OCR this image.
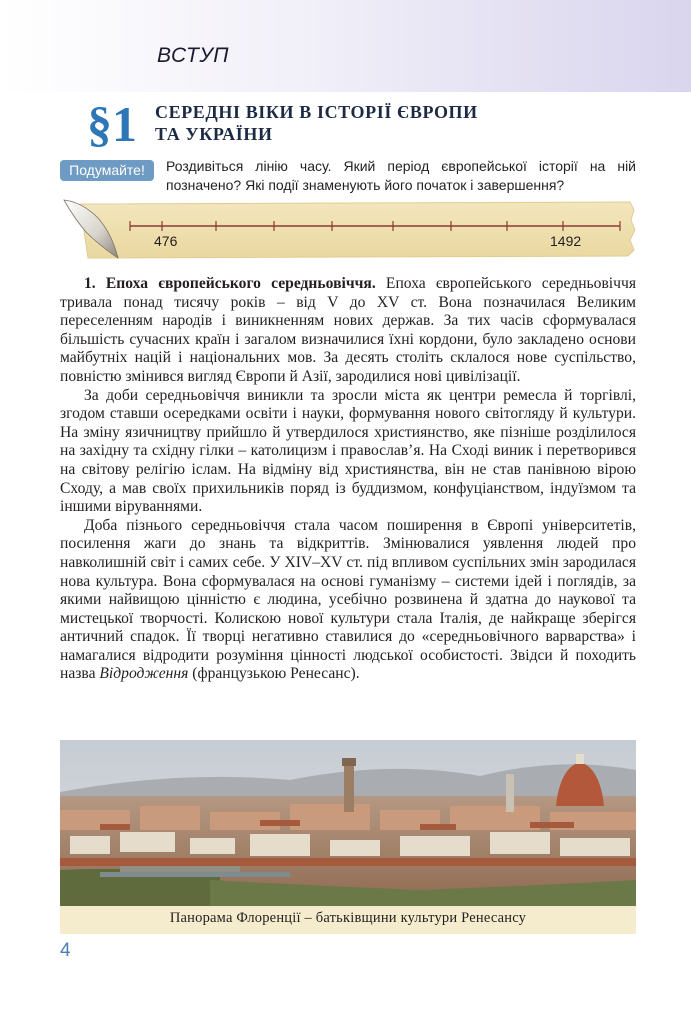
ВСТУП
§1 СЕРЕДНІ ВІКИ В ІСТОРІЇ ЄВРОПИ
ТА УКРАЇНИ
Подумайте!	Роздивіться лінію часу. Який період європейської історії на ній позначено? Які події знаменують його початок і завершення?
476	1492

1. Епоха європейського середньовіччя. Епоха європейського середньовіччя тривала понад тисячу років – від V до XV ст. Вона позначилася Великим переселенням народів і виникненням нових держав. За тих часів сформувалася більшість сучасних країн і загалом визначилися їхні кордони, було закладено основи майбутніх націй і національних мов. За десять століть склалося нове суспільство, повністю змінився вигляд Європи й Азії, зародилися нові цивілізації.

За доби середньовіччя виникли та зросли міста як центри ремесла й торгівлі, згодом ставши осередками освіти і науки, формування нового світогляду й культури. На зміну язичництву прийшло й утвердилося християнство, яке пізніше розділилося на західну та східну гілки – католицизм і православ’я. На Сході виник і перетворився на світову релігію іслам. На відміну від християнства, він не став панівною вірою Сходу, а мав своїх прихильників поряд із буддизмом, конфуціанством, індуїзмом та іншими віруваннями.

Доба пізнього середньовіччя стала часом поширення в Європі університетів, посилення жаги до знань та відкриттів. Змінювалися уявлення людей про навколишній світ і самих себе. У XIV–XV ст. під впливом суспільних змін зародилася нова культура. Вона сформувалася на основі гуманізму – системи ідей і поглядів, за якими найвищою цінністю є людина, усебічно розвинена й здатна до наукової та мистецької творчості. Колискою нової культури стала Італія, де найкраще зберігся античний спадок. Її творці негативно ставилися до «середньовічного варварства» і намагалися відродити розуміння цінності людської особистості. Звідси й походить назва Відродження (французькою Ренесанс).

Панорама Флоренції – батьківщини культури Ренесансу
4
